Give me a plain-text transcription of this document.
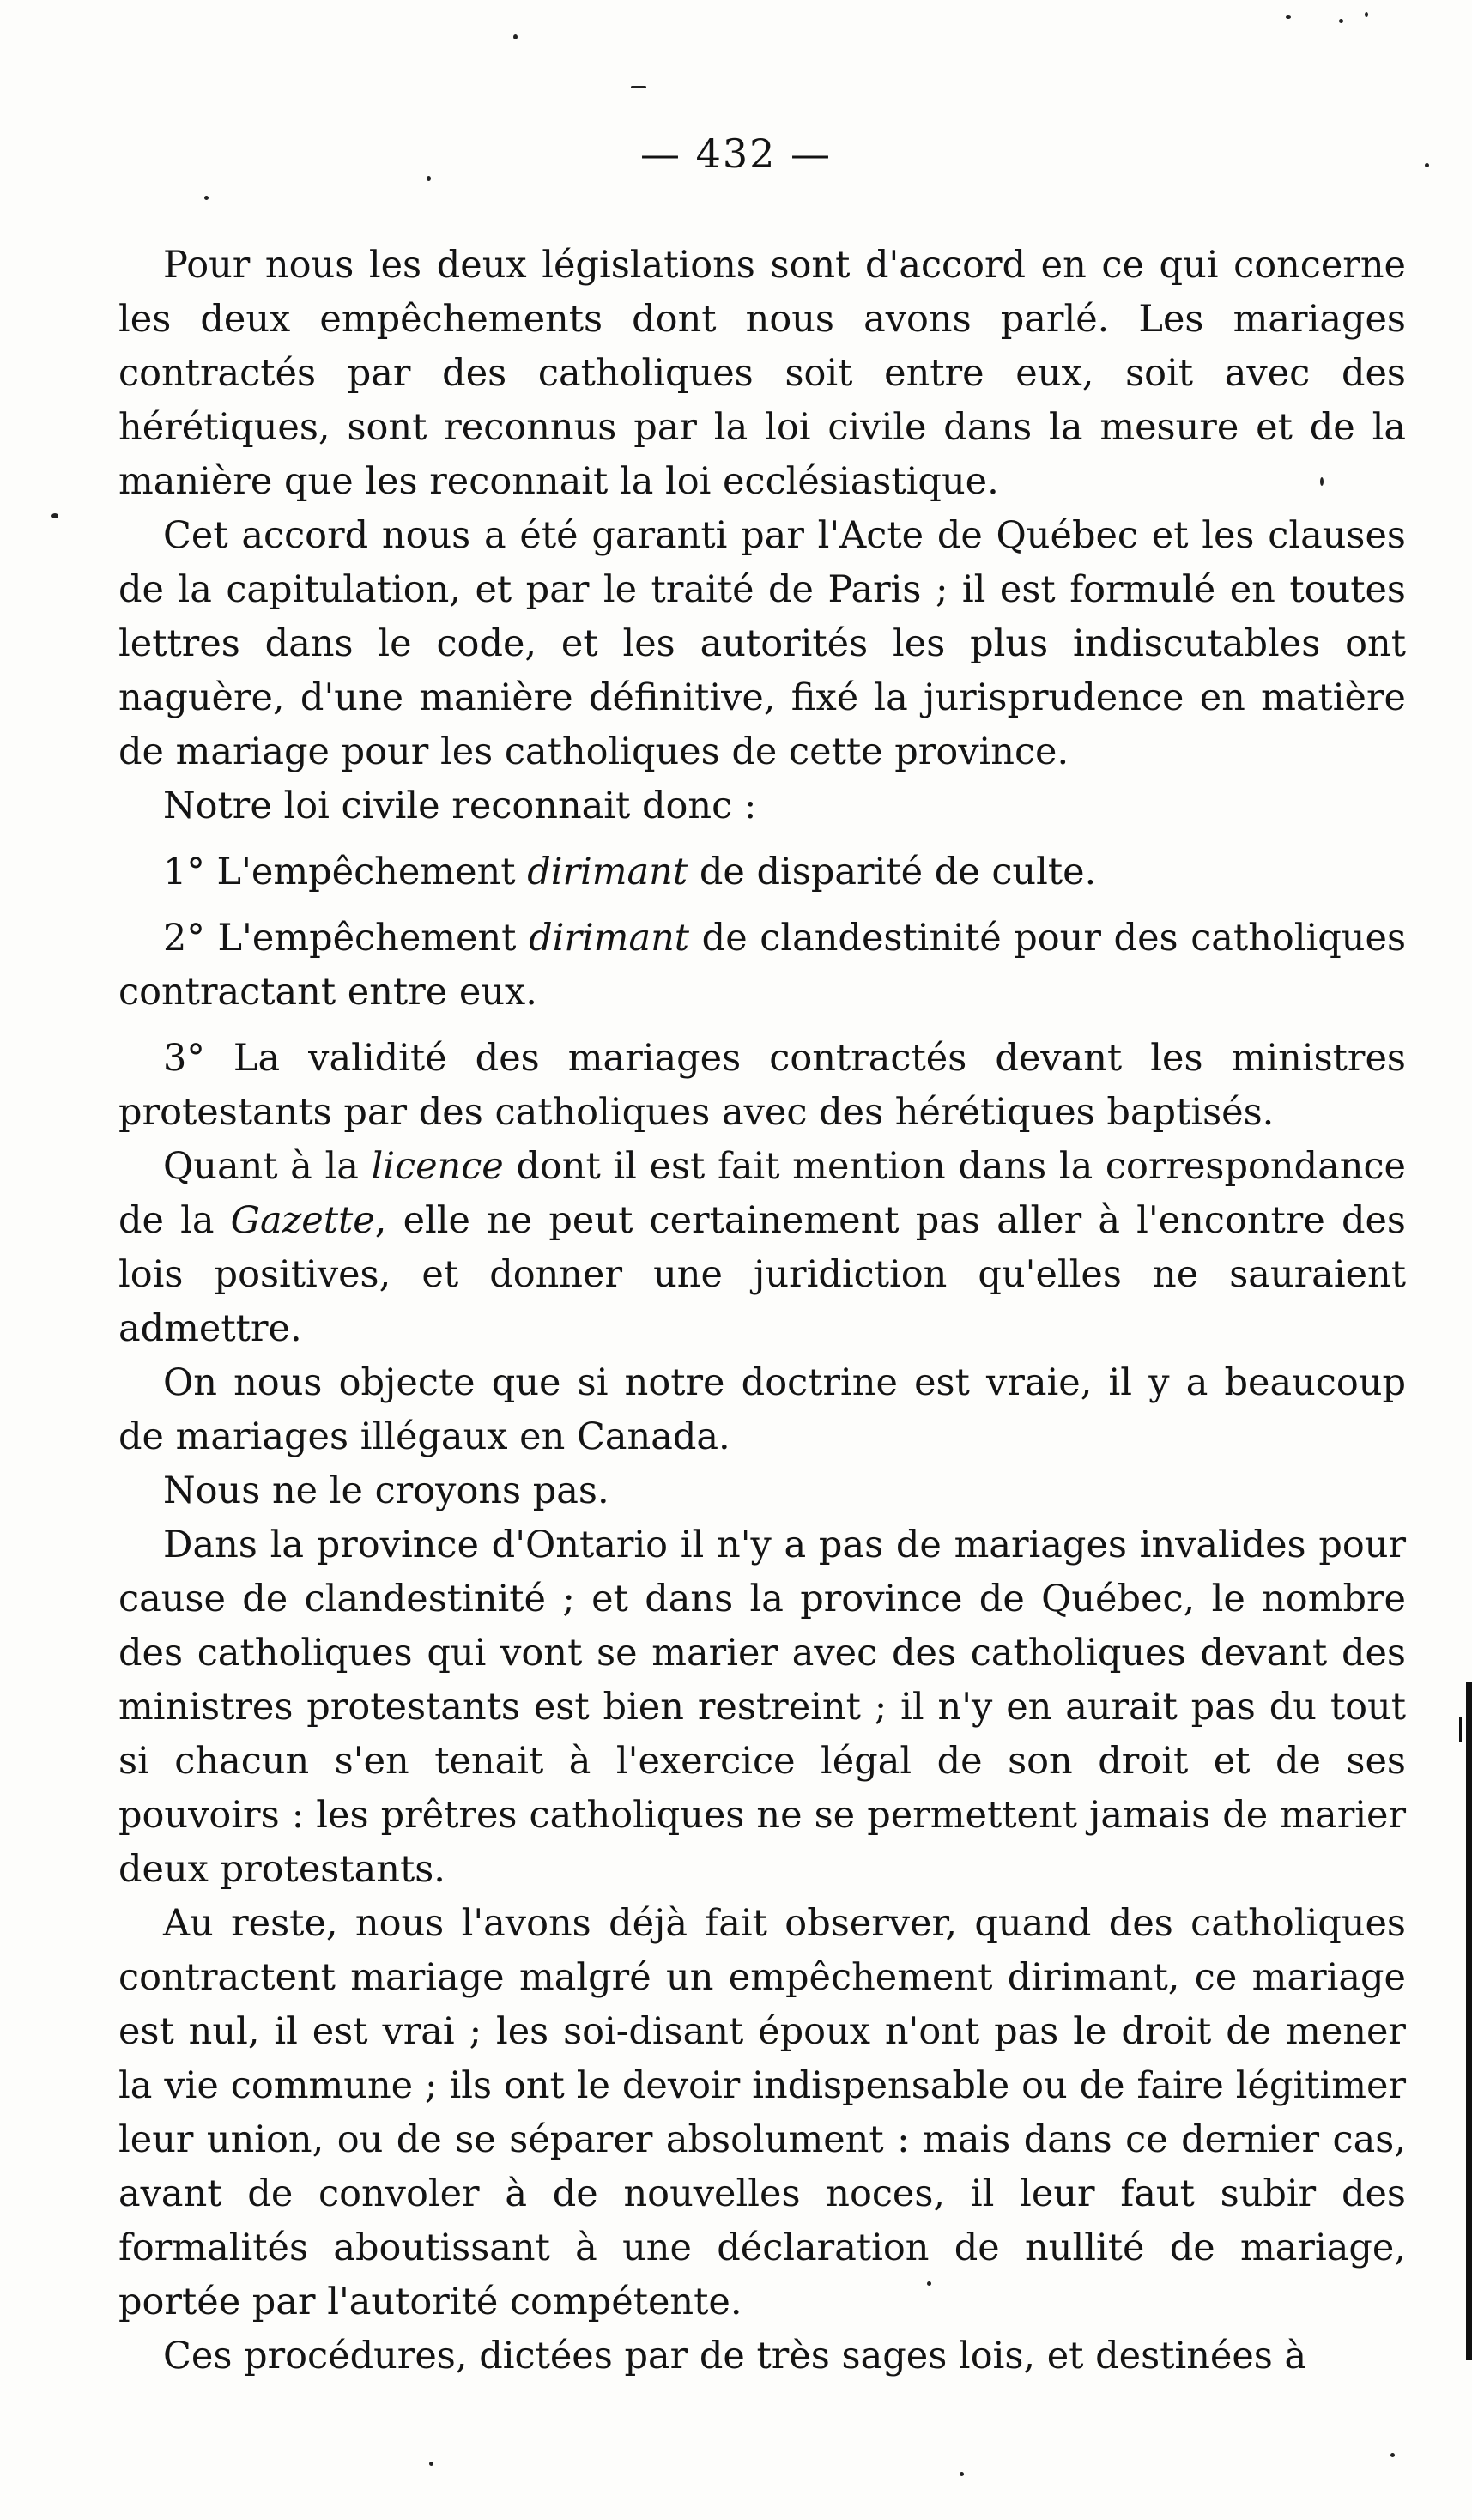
— 432 —

Pour nous les deux législations sont d'accord en ce qui concerne les deux empêchements dont nous avons parlé. Les mariages contractés par des catholiques soit entre eux, soit avec des hérétiques, sont reconnus par la loi civile dans la mesure et de la manière que les reconnait la loi ecclésiastique.

Cet accord nous a été garanti par l'Acte de Québec et les clauses de la capitulation, et par le traité de Paris ; il est formulé en toutes lettres dans le code, et les autorités les plus indiscutables ont naguère, d'une manière définitive, fixé la jurisprudence en matière de mariage pour les catholiques de cette province.

Notre loi civile reconnait donc :

1° L'empêchement dirimant de disparité de culte.

2° L'empêchement dirimant de clandestinité pour des catholiques contractant entre eux.

3° La validité des mariages contractés devant les ministres protestants par des catholiques avec des hérétiques baptisés.

Quant à la licence dont il est fait mention dans la correspondance de la Gazette, elle ne peut certainement pas aller à l'encontre des lois positives, et donner une juridiction qu'elles ne sauraient admettre.

On nous objecte que si notre doctrine est vraie, il y a beaucoup de mariages illégaux en Canada.

Nous ne le croyons pas.

Dans la province d'Ontario il n'y a pas de mariages invalides pour cause de clandestinité ; et dans la province de Québec, le nombre des catholiques qui vont se marier avec des catholiques devant des ministres protestants est bien restreint ; il n'y en aurait pas du tout si chacun s'en tenait à l'exercice légal de son droit et de ses pouvoirs : les prêtres catholiques ne se permettent jamais de marier deux protestants.

Au reste, nous l'avons déjà fait observer, quand des catholiques contractent mariage malgré un empêchement dirimant, ce mariage est nul, il est vrai ; les soi-disant époux n'ont pas le droit de mener la vie commune ; ils ont le devoir indispensable ou de faire légitimer leur union, ou de se séparer absolument : mais dans ce dernier cas, avant de convoler à de nouvelles noces, il leur faut subir des formalités aboutissant à une déclaration de nullité de mariage, portée par l'autorité compétente.

Ces procédures, dictées par de très sages lois, et destinées à
